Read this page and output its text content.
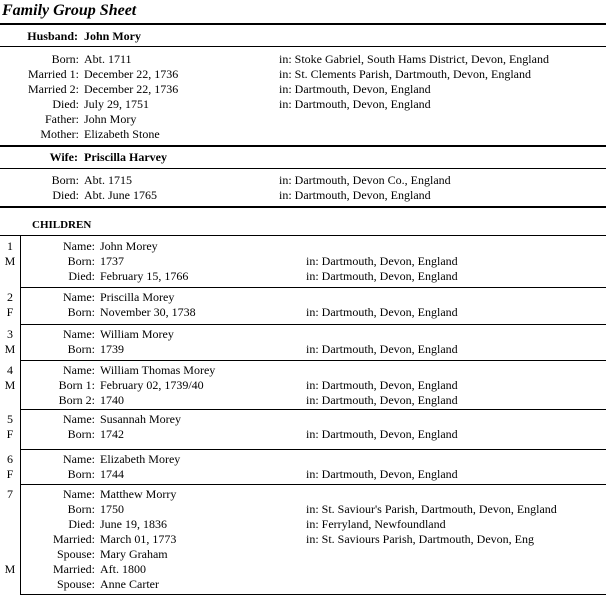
Family Group Sheet
Husband: John Mory
Born: Abt. 1711	in: Stoke Gabriel, South Hams District, Devon, England
Married 1: December 22, 1736	in: St. Clements Parish, Dartmouth, Devon, England
Married 2: December 22, 1736	in: Dartmouth, Devon, England
Died: July 29, 1751	in: Dartmouth, Devon, England
Father: John Mory
Mother: Elizabeth Stone
Wife: Priscilla Harvey
Born: Abt. 1715	in: Dartmouth, Devon Co., England
Died: Abt. June 1765	in: Dartmouth, Devon, England
CHILDREN
1
M
Name: John Morey
Born: 1737	in: Dartmouth, Devon, England
Died: February 15, 1766	in: Dartmouth, Devon, England
2
F
Name: Priscilla Morey
Born: November 30, 1738	in: Dartmouth, Devon, England
3
M
Name: William Morey
Born: 1739	in: Dartmouth, Devon, England
4
M
Name: William Thomas Morey
Born 1: February 02, 1739/40	in: Dartmouth, Devon, England
Born 2: 1740	in: Dartmouth, Devon, England
5
F
Name: Susannah Morey
Born: 1742	in: Dartmouth, Devon, England
6
F
Name: Elizabeth Morey
Born: 1744	in: Dartmouth, Devon, England
7
M
Name: Matthew Morry
Born: 1750	in: St. Saviour's Parish, Dartmouth, Devon, England
Died: June 19, 1836	in: Ferryland, Newfoundland
Married: March 01, 1773	in: St. Saviours Parish, Dartmouth, Devon, Eng
Spouse: Mary Graham
Married: Aft. 1800
Spouse: Anne Carter
